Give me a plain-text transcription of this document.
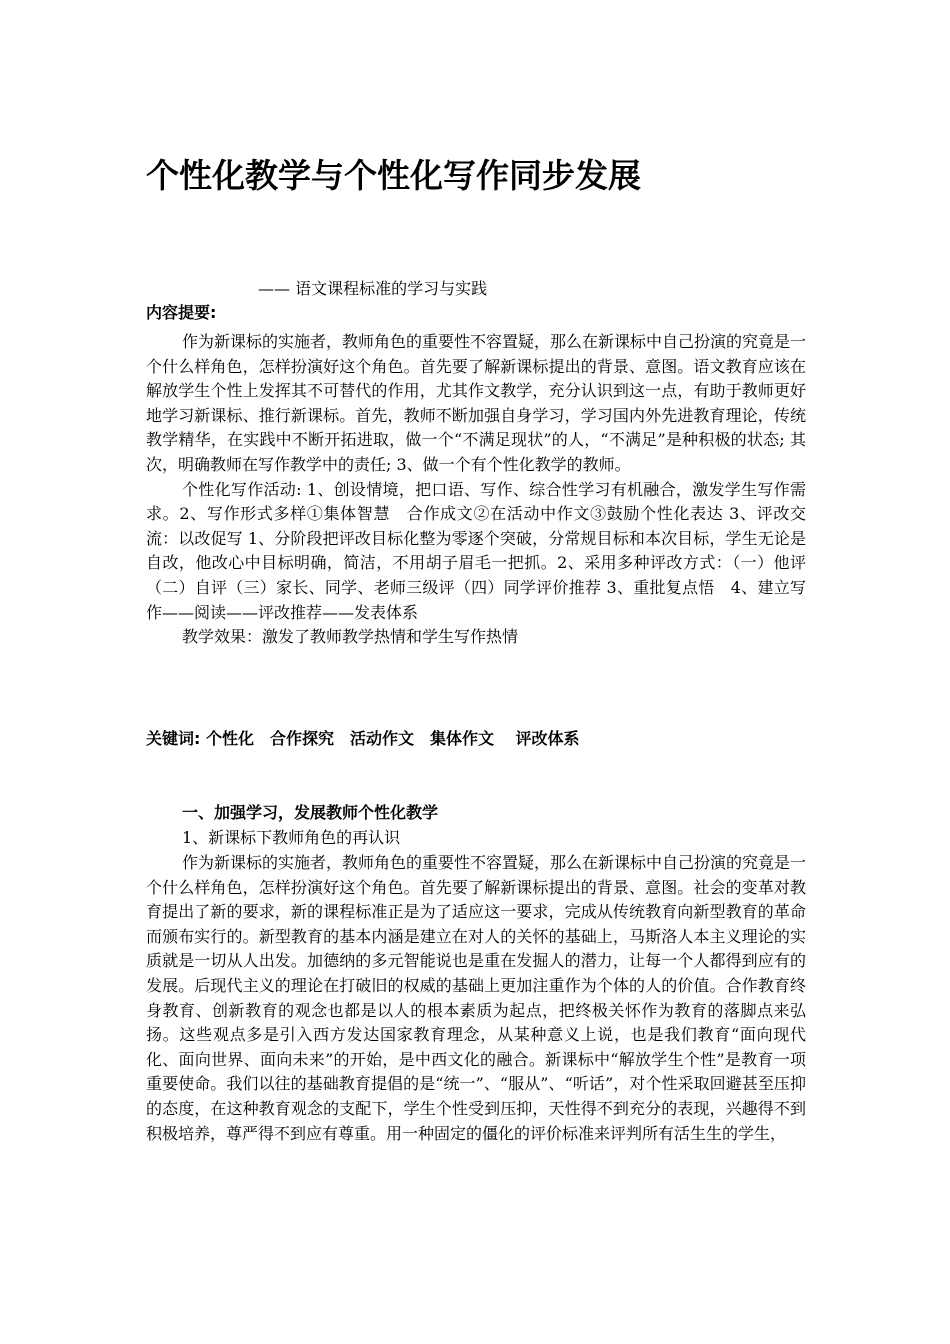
个性化教学与个性化写作同步发展
—— 语文课程标准的学习与实践
内容提要:

作为新课标的实施者，教师角色的重要性不容置疑，那么在新课标中自己扮演的究竟是一个什么样角色，怎样扮演好这个角色。首先要了解新课标提出的背景、意图。语文教育应该在解放学生个性上发挥其不可替代的作用，尤其作文教学，充分认识到这一点，有助于教师更好地学习新课标、推行新课标。首先，教师不断加强自身学习，学习国内外先进教育理论，传统教学精华，在实践中不断开拓进取，做一个“不满足现状”的人，“不满足”是种积极的状态; 其次，明确教师在写作教学中的责任; 3、做一个有个性化教学的教师。

个性化写作活动: 1、创设情境，把口语、写作、综合性学习有机融合，激发学生写作需求。2、写作形式多样①集体智慧　合作成文②在活动中作文③鼓励个性化表达 3、评改交流：以改促写 1、分阶段把评改目标化整为零逐个突破，分常规目标和本次目标，学生无论是自改，他改心中目标明确，简洁，不用胡子眉毛一把抓。2、采用多种评改方式：（一）他评（二）自评（三）家长、同学、老师三级评（四）同学评价推荐 3、重批复点悟　4、建立写作——阅读——评改推荐——发表体系

教学效果：激发了教师教学热情和学生写作热情

关键词: 个性化　合作探究　活动作文　集体作文　 评改体系
一、加强学习，发展教师个性化教学
1、新课标下教师角色的再认识

作为新课标的实施者，教师角色的重要性不容置疑，那么在新课标中自己扮演的究竟是一个什么样角色，怎样扮演好这个角色。首先要了解新课标提出的背景、意图。社会的变革对教育提出了新的要求，新的课程标准正是为了适应这一要求，完成从传统教育向新型教育的革命而颁布实行的。新型教育的基本内涵是建立在对人的关怀的基础上，马斯洛人本主义理论的实质就是一切从人出发。加德纳的多元智能说也是重在发掘人的潜力，让每一个人都得到应有的发展。后现代主义的理论在打破旧的权威的基础上更加注重作为个体的人的价值。合作教育终身教育、创新教育的观念也都是以人的根本素质为起点，把终极关怀作为教育的落脚点来弘扬。这些观点多是引入西方发达国家教育理念，从某种意义上说，也是我们教育“面向现代化、面向世界、面向未来”的开始，是中西文化的融合。新课标中“解放学生个性”是教育一项重要使命。我们以往的基础教育提倡的是“统一”、“服从”、“听话”，对个性采取回避甚至压抑的态度，在这种教育观念的支配下，学生个性受到压抑，天性得不到充分的表现，兴趣得不到积极培养，尊严得不到应有尊重。用一种固定的僵化的评价标准来评判所有活生生的学生，
